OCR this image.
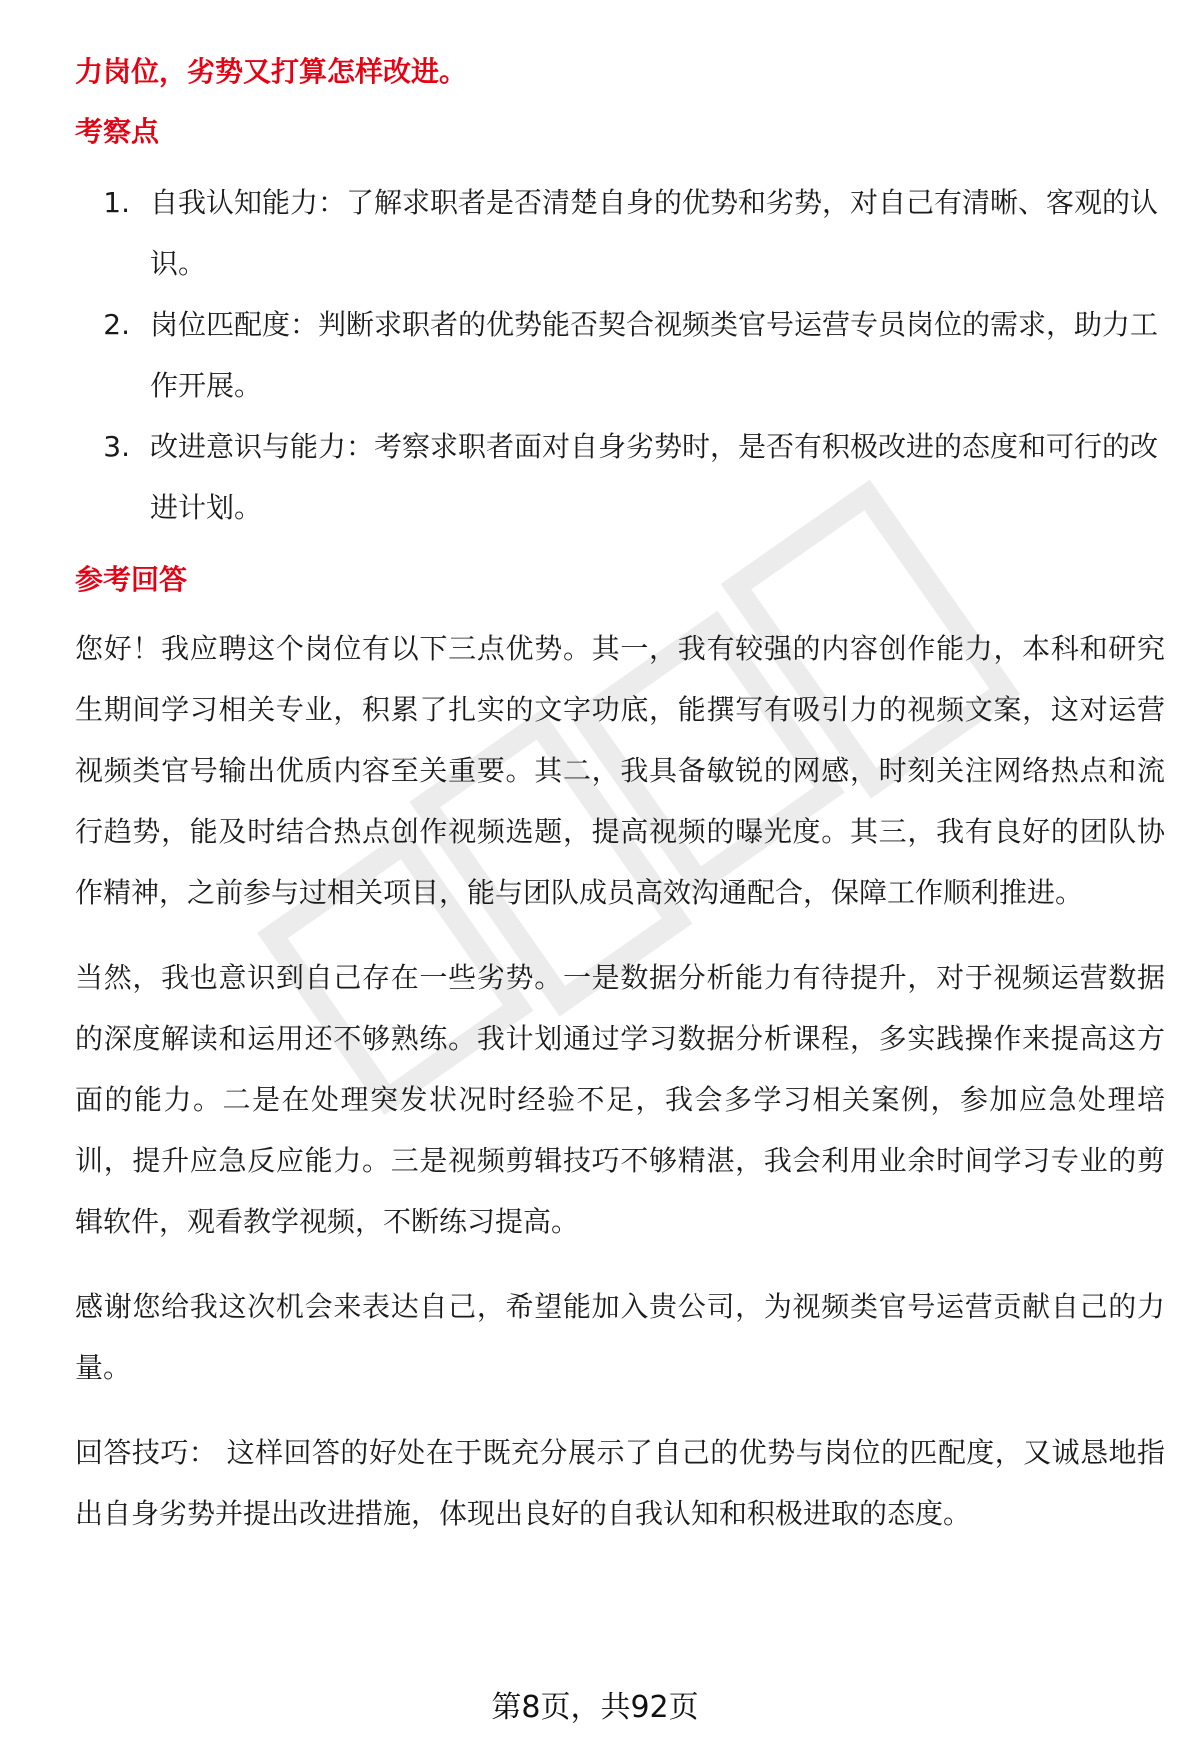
力岗位，劣势又打算怎样改进。

考察点

1. 自我认知能力：了解求职者是否清楚自身的优势和劣势，对自己有清晰、客观的认识。
2. 岗位匹配度：判断求职者的优势能否契合视频类官号运营专员岗位的需求，助力工作开展。
3. 改进意识与能力：考察求职者面对自身劣势时，是否有积极改进的态度和可行的改进计划。

参考回答

您好！我应聘这个岗位有以下三点优势。其一，我有较强的内容创作能力，本科和研究生期间学习相关专业，积累了扎实的文字功底，能撰写有吸引力的视频文案，这对运营视频类官号输出优质内容至关重要。其二，我具备敏锐的网感，时刻关注网络热点和流行趋势，能及时结合热点创作视频选题，提高视频的曝光度。其三，我有良好的团队协作精神，之前参与过相关项目，能与团队成员高效沟通配合，保障工作顺利推进。

当然，我也意识到自己存在一些劣势。一是数据分析能力有待提升，对于视频运营数据的深度解读和运用还不够熟练。我计划通过学习数据分析课程，多实践操作来提高这方面的能力。二是在处理突发状况时经验不足，我会多学习相关案例，参加应急处理培训，提升应急反应能力。三是视频剪辑技巧不够精湛，我会利用业余时间学习专业的剪辑软件，观看教学视频，不断练习提高。

感谢您给我这次机会来表达自己，希望能加入贵公司，为视频类官号运营贡献自己的力量。

回答技巧： 这样回答的好处在于既充分展示了自己的优势与岗位的匹配度，又诚恳地指出自身劣势并提出改进措施，体现出良好的自我认知和积极进取的态度。

第8页，共92页
